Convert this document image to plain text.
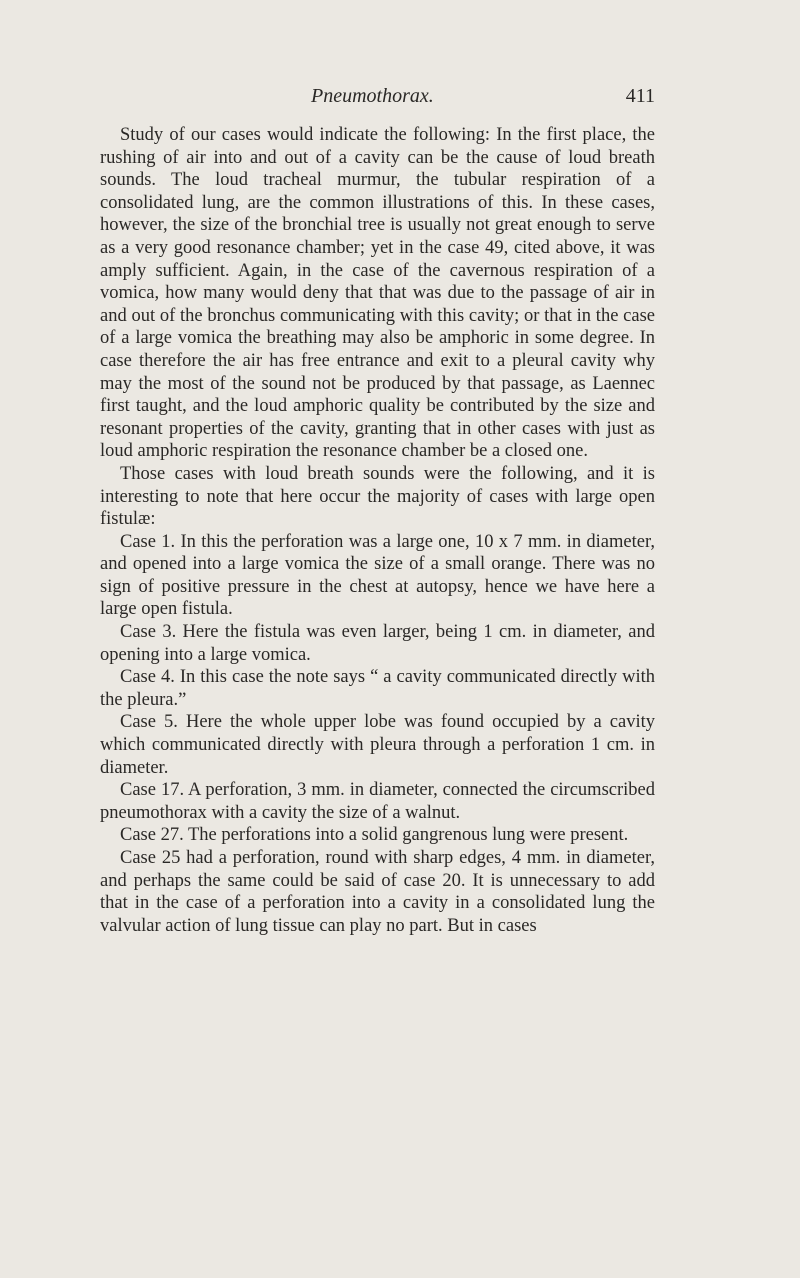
Pneumothorax.	411

Study of our cases would indicate the following: In the first place, the rushing of air into and out of a cavity can be the cause of loud breath sounds. The loud tracheal murmur, the tubular respiration of a consolidated lung, are the common illustrations of this. In these cases, however, the size of the bronchial tree is usually not great enough to serve as a very good resonance chamber; yet in the case 49, cited above, it was amply sufficient. Again, in the case of the cavernous respiration of a vomica, how many would deny that that was due to the passage of air in and out of the bronchus communicating with this cavity; or that in the case of a large vomica the breathing may also be amphoric in some degree. In case therefore the air has free entrance and exit to a pleural cavity why may the most of the sound not be produced by that passage, as Laennec first taught, and the loud amphoric quality be contributed by the size and resonant properties of the cavity, granting that in other cases with just as loud amphoric respiration the resonance chamber be a closed one.

Those cases with loud breath sounds were the following, and it is interesting to note that here occur the majority of cases with large open fistulæ:

Case 1. In this the perforation was a large one, 10 x 7 mm. in diameter, and opened into a large vomica the size of a small orange. There was no sign of positive pressure in the chest at autopsy, hence we have here a large open fistula.

Case 3. Here the fistula was even larger, being 1 cm. in diameter, and opening into a large vomica.

Case 4. In this case the note says “ a cavity communicated directly with the pleura.”

Case 5. Here the whole upper lobe was found occupied by a cavity which communicated directly with pleura through a perforation 1 cm. in diameter.

Case 17. A perforation, 3 mm. in diameter, connected the circumscribed pneumothorax with a cavity the size of a walnut.

Case 27. The perforations into a solid gangrenous lung were present.

Case 25 had a perforation, round with sharp edges, 4 mm. in diameter, and perhaps the same could be said of case 20. It is unnecessary to add that in the case of a perforation into a cavity in a consolidated lung the valvular action of lung tissue can play no part. But in cases
